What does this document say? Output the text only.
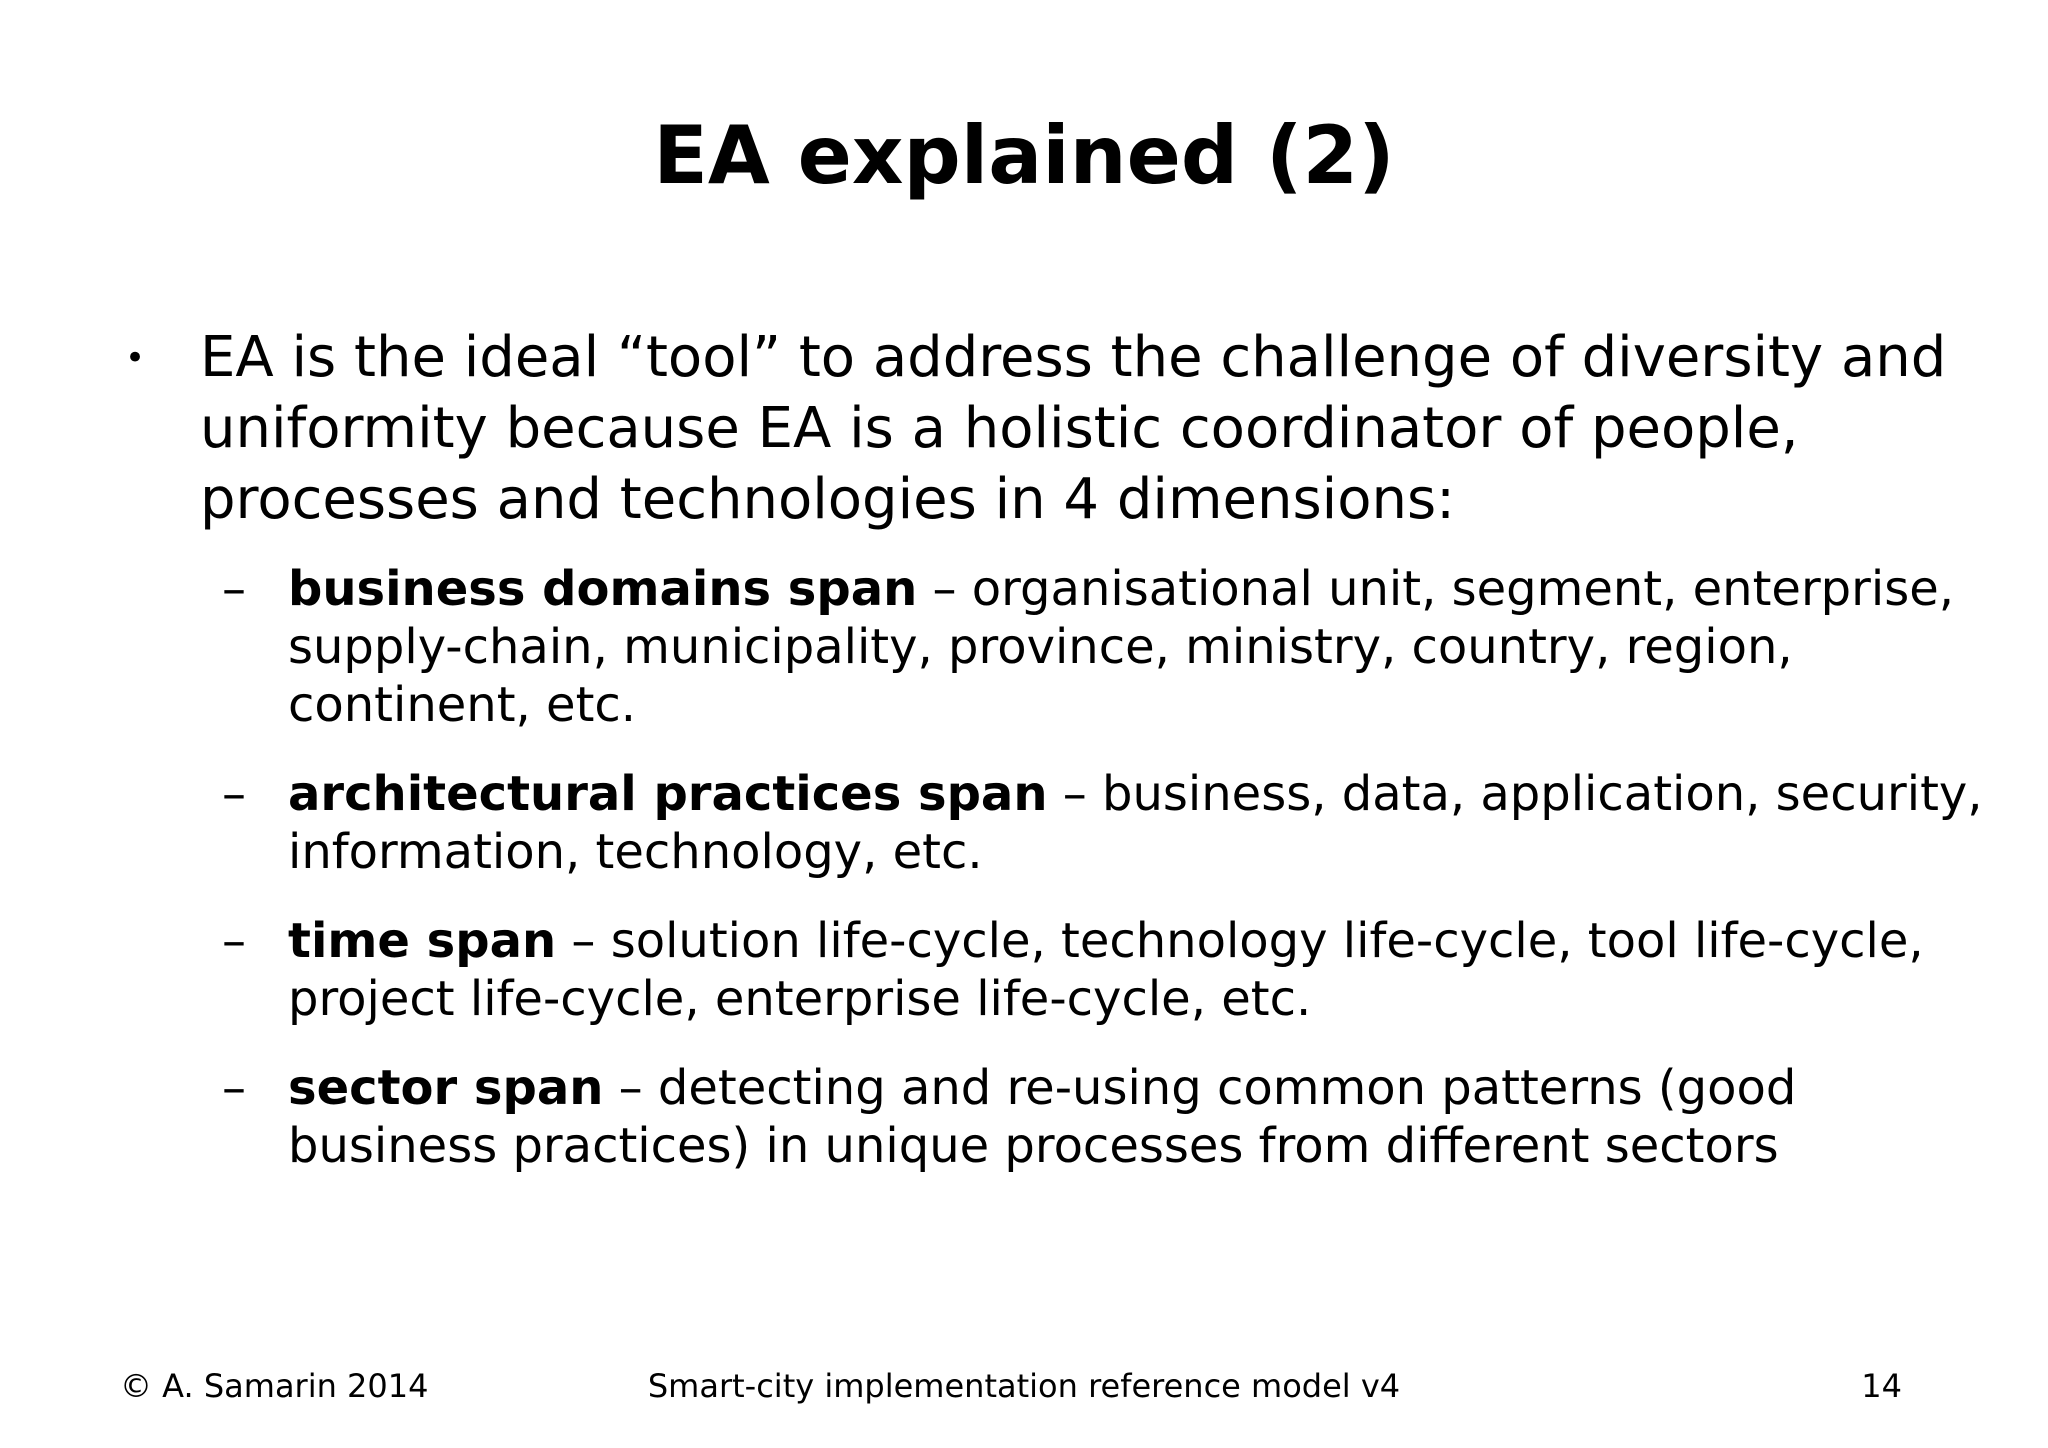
EA explained (2)
• EA is the ideal “tool” to address the challenge of diversity and uniformity because EA is a holistic coordinator of people, processes and technologies in 4 dimensions:

– business domains span – organisational unit, segment, enterprise, supply-chain, municipality, province, ministry, country, region, continent, etc.

– architectural practices span – business, data, application, security, information, technology, etc.

– time span – solution life-cycle, technology life-cycle, tool life-cycle, project life-cycle, enterprise life-cycle, etc.

– sector span – detecting and re-using common patterns (good business practices) in unique processes from different sectors

© A. Samarin 2014	Smart-city implementation reference model v4	14
